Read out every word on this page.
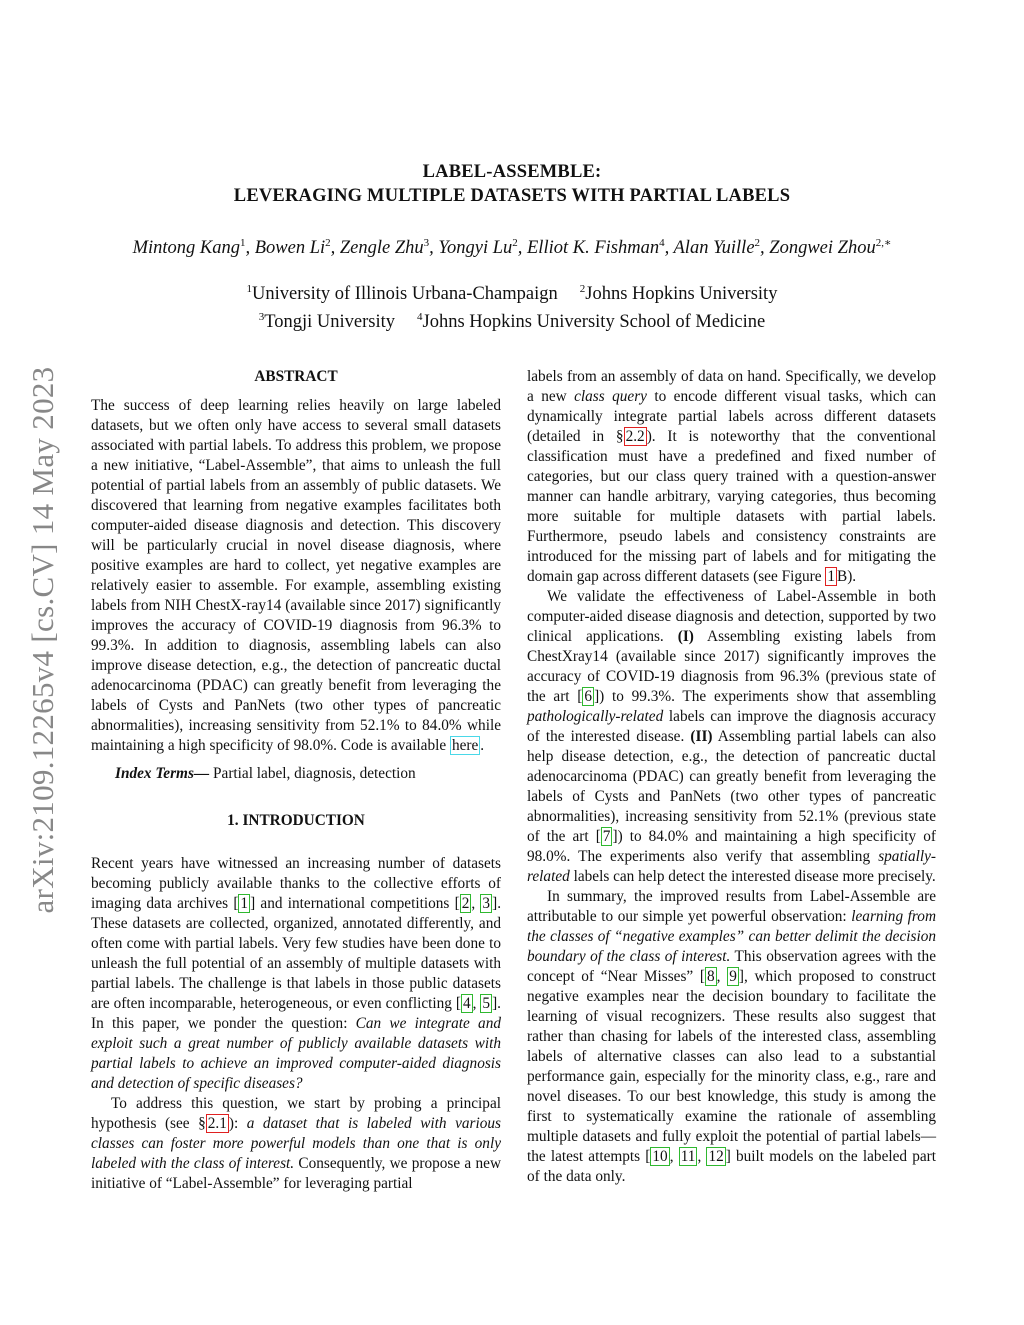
arXiv:2109.12265v4 [cs.CV] 14 May 2023
LABEL-ASSEMBLE:
LEVERAGING MULTIPLE DATASETS WITH PARTIAL LABELS
Mintong Kang$^1$, Bowen Li$^2$, Zengle Zhu$^3$, Yongyi Lu$^2$, Elliot K. Fishman$^4$, Alan Yuille$^2$, Zongwei Zhou$^{2,∗}$
$^1$University of Illinois Urbana-Champaign $^2$Johns Hopkins University
$^3$Tongji University $^4$Johns Hopkins University School of Medicine
ABSTRACT

The success of deep learning relies heavily on large labeled datasets, but we often only have access to several small datasets associated with partial labels. To address this problem, we propose a new initiative, “Label-Assemble”, that aims to unleash the full potential of partial labels from an assembly of public datasets. We discovered that learning from negative examples facilitates both computer-aided disease diagnosis and detection. This discovery will be particularly crucial in novel disease diagnosis, where positive examples are hard to collect, yet negative examples are relatively easier to assemble. For example, assembling existing labels from NIH ChestX-ray14 (available since 2017) significantly improves the accuracy of COVID-19 diagnosis from 96.3% to 99.3%. In addition to diagnosis, assembling labels can also improve disease detection, e.g., the detection of pancreatic ductal adenocarcinoma (PDAC) can greatly benefit from leveraging the labels of Cysts and PanNets (two other types of pancreatic abnormalities), increasing sensitivity from 52.1% to 84.0% while maintaining a high specificity of 98.0%. Code is available here .

Index Terms— Partial label, diagnosis, detection

1. INTRODUCTION

Recent years have witnessed an increasing number of datasets becoming publicly available thanks to the collective efforts of imaging data archives [ 1 ] and international competitions [ 2 , 3 ]. These datasets are collected, organized, annotated differently, and often come with partial labels. Very few studies have been done to unleash the full potential of an assembly of multiple datasets with partial labels. The challenge is that labels in those public datasets are often incomparable, heterogeneous, or even conflicting [ 4 , 5 ]. In this paper, we ponder the question: Can we integrate and exploit such a great number of publicly available datasets with partial labels to achieve an improved computer-aided diagnosis and detection of specific diseases?

To address this question, we start by probing a principal hypothesis (see § 2.1 ): a dataset that is labeled with various classes can foster more powerful models than one that is only labeled with the class of interest. Consequently, we propose a new initiative of “Label-Assemble” for leveraging partial

labels from an assembly of data on hand. Specifically, we develop a new class query to encode different visual tasks, which can dynamically integrate partial labels across different datasets (detailed in § 2.2 ). It is noteworthy that the conventional classification must have a predefined and fixed number of categories, but our class query trained with a question-answer manner can handle arbitrary, varying categories, thus becoming more suitable for multiple datasets with partial labels. Furthermore, pseudo labels and consistency constraints are introduced for the missing part of labels and for mitigating the domain gap across different datasets (see Figure 1 B).

We validate the effectiveness of Label-Assemble in both computer-aided disease diagnosis and detection, supported by two clinical applications. (I) Assembling existing labels from ChestXray14 (available since 2017) significantly improves the accuracy of COVID-19 diagnosis from 96.3% (previous state of the art [ 6 ]) to 99.3%. The experiments show that assembling pathologically-related labels can improve the diagnosis accuracy of the interested disease. (II) Assembling partial labels can also help disease detection, e.g., the detection of pancreatic ductal adenocarcinoma (PDAC) can greatly benefit from leveraging the labels of Cysts and PanNets (two other types of pancreatic abnormalities), increasing sensitivity from 52.1% (previous state of the art [ 7 ]) to 84.0% and maintaining a high specificity of 98.0%. The experiments also verify that assembling spatially-related labels can help detect the interested disease more precisely.

In summary, the improved results from Label-Assemble are attributable to our simple yet powerful observation: learning from the classes of “negative examples” can better delimit the decision boundary of the class of interest. This observation agrees with the concept of “Near Misses” [ 8 , 9 ], which proposed to construct negative examples near the decision boundary to facilitate the learning of visual recognizers. These results also suggest that rather than chasing for labels of the interested class, assembling labels of alternative classes can also lead to a substantial performance gain, especially for the minority class, e.g., rare and novel diseases. To our best knowledge, this study is among the first to systematically examine the rationale of assembling multiple datasets and fully exploit the potential of partial labels—the latest attempts [ 10 , 11 , 12 ] built models on the labeled part of the data only.
